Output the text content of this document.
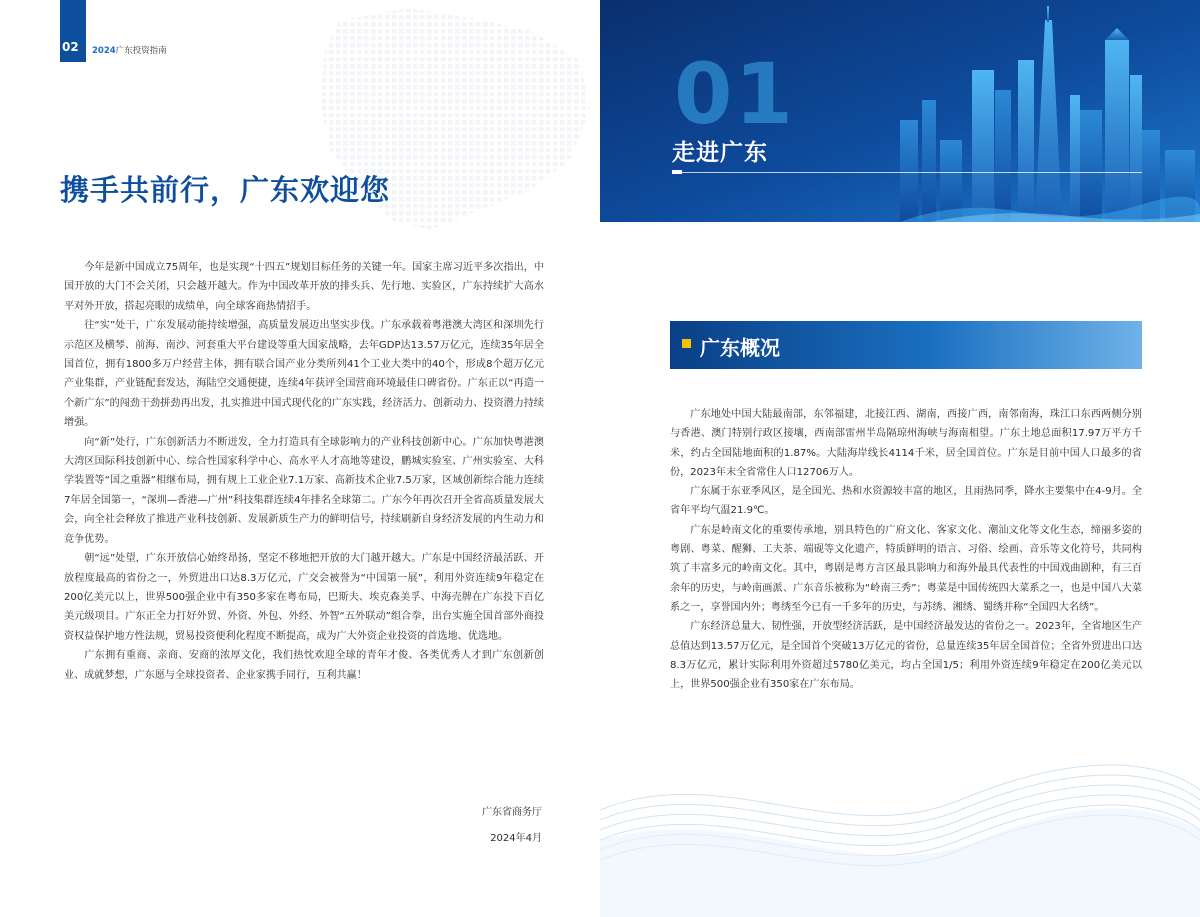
02	2024广东投资指南
携手共前行，广东欢迎您

今年是新中国成立75周年，也是实现“十四五”规划目标任务的关键一年。国家主席习近平多次指出，中国开放的大门不会关闭，只会越开越大。作为中国改革开放的排头兵、先行地、实验区，广东持续扩大高水平对外开放，搭起亮眼的成绩单，向全球客商热情招手。

往“实”处干，广东发展动能持续增强，高质量发展迈出坚实步伐。广东承载着粤港澳大湾区和深圳先行示范区及横琴、前海、南沙、河套重大平台建设等重大国家战略，去年GDP达13.57万亿元，连续35年居全国首位，拥有1800多万户经营主体，拥有联合国产业分类所列41个工业大类中的40个，形成8个超万亿元产业集群，产业链配套发达，海陆空交通便捷，连续4年获评全国营商环境最佳口碑省份。广东正以“再造一个新广东”的闯劲干劲拼劲再出发，扎实推进中国式现代化的广东实践，经济活力、创新动力、投资潜力持续增强。

向“新”处行，广东创新活力不断迸发，全力打造具有全球影响力的产业科技创新中心。广东加快粤港澳大湾区国际科技创新中心、综合性国家科学中心、高水平人才高地等建设，鹏城实验室、广州实验室、大科学装置等“国之重器”相继布局，拥有规上工业企业7.1万家、高新技术企业7.5万家，区域创新综合能力连续7年居全国第一，“深圳—香港—广州”科技集群连续4年排名全球第二。广东今年再次召开全省高质量发展大会，向全社会释放了推进产业科技创新、发展新质生产力的鲜明信号，持续刷新自身经济发展的内生动力和竞争优势。

朝“远”处望，广东开放信心始终昂扬，坚定不移地把开放的大门越开越大。广东是中国经济最活跃、开放程度最高的省份之一，外贸进出口达8.3万亿元，广交会被誉为“中国第一展”，利用外资连续9年稳定在200亿美元以上，世界500强企业中有350多家在粤布局，巴斯夫、埃克森美孚、中海壳牌在广东投下百亿美元级项目。广东正全力打好外贸、外资、外包、外经、外智“五外联动”组合拳，出台实施全国首部外商投资权益保护地方性法规，贸易投资便利化程度不断提高，成为广大外资企业投资的首选地、优选地。

广东拥有重商、亲商、安商的浓厚文化，我们热忱欢迎全球的青年才俊、各类优秀人才到广东创新创业、成就梦想，广东愿与全球投资者、企业家携手同行，互利共赢！

广东省商务厅
2024年4月
01
走进广东
广东概况

广东地处中国大陆最南部，东邻福建，北接江西、湖南，西接广西，南邻南海，珠江口东西两侧分别与香港、澳门特别行政区接壤，西南部雷州半岛隔琼州海峡与海南相望。广东土地总面积17.97万平方千米，约占全国陆地面积的1.87%。大陆海岸线长4114千米，居全国首位。广东是目前中国人口最多的省份，2023年末全省常住人口12706万人。

广东属于东亚季风区，是全国光、热和水资源较丰富的地区，且雨热同季，降水主要集中在4-9月。全省年平均气温21.9℃。

广东是岭南文化的重要传承地，别具特色的广府文化、客家文化、潮汕文化等文化生态，缔丽多姿的粤剧、粤菜、醒狮、工夫茶、端砚等文化遗产，特质鲜明的语言、习俗、绘画、音乐等文化符号，共同构筑了丰富多元的岭南文化。其中，粤剧是粤方言区最具影响力和海外最具代表性的中国戏曲剧种，有三百余年的历史，与岭南画派、广东音乐被称为“岭南三秀”；粤菜是中国传统四大菜系之一，也是中国八大菜系之一，享誉国内外；粤绣至今已有一千多年的历史，与苏绣、湘绣、蜀绣并称“全国四大名绣”。

广东经济总量大、韧性强，开放型经济活跃，是中国经济最发达的省份之一。2023年，全省地区生产总值达到13.57万亿元，是全国首个突破13万亿元的省份，总量连续35年居全国首位；全省外贸进出口达8.3万亿元，累计实际利用外资超过5780亿美元，均占全国1/5；利用外资连续9年稳定在200亿美元以上，世界500强企业有350家在广东布局。
